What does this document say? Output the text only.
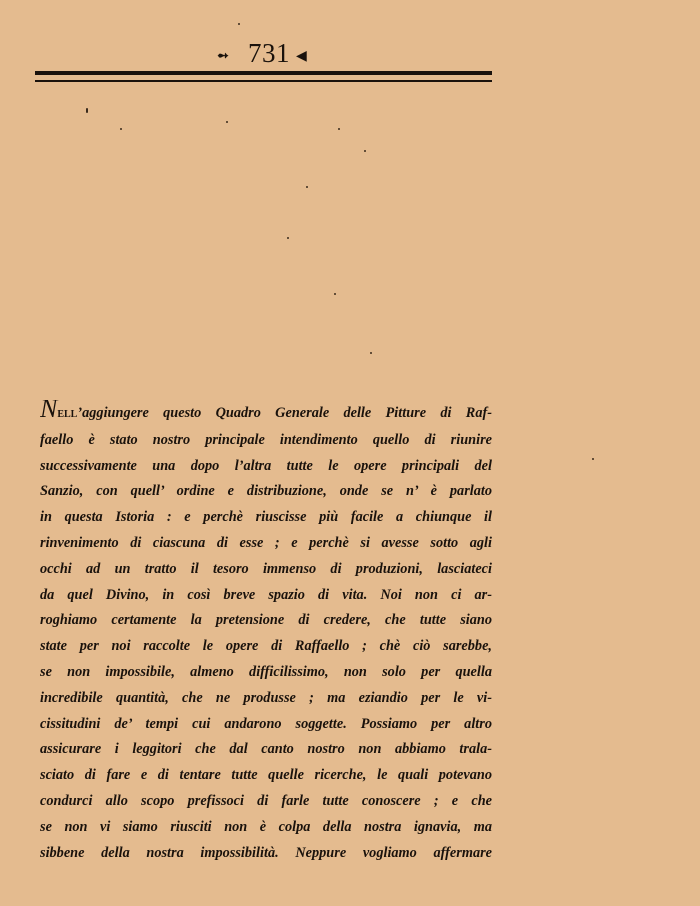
➻ 731 ◀
NELL’aggiungere questo Quadro Generale delle Pitture di Raf-
faello è stato nostro principale intendimento quello di riunire
successivamente una dopo l’altra tutte le opere principali del
Sanzio, con quell’ ordine e distribuzione, onde se n’ è parlato
in questa Istoria : e perchè riuscisse più facile a chiunque il
rinvenimento di ciascuna di esse ; e perchè si avesse sotto agli
occhi ad un tratto il tesoro immenso di produzioni, lasciateci
da quel Divino, in così breve spazio di vita. Noi non ci ar-
roghiamo certamente la pretensione di credere, che tutte siano
state per noi raccolte le opere di Raffaello ; chè ciò sarebbe,
se non impossibile, almeno difficilissimo, non solo per quella
incredibile quantità, che ne produsse ; ma eziandio per le vi-
cissitudini de’ tempi cui andarono soggette. Possiamo per altro
assicurare i leggitori che dal canto nostro non abbiamo trala-
sciato di fare e di tentare tutte quelle ricerche, le quali potevano
condurci allo scopo prefissoci di farle tutte conoscere ; e che
se non vi siamo riusciti non è colpa della nostra ignavia, ma
sibbene della nostra impossibilità. Neppure vogliamo affermare
